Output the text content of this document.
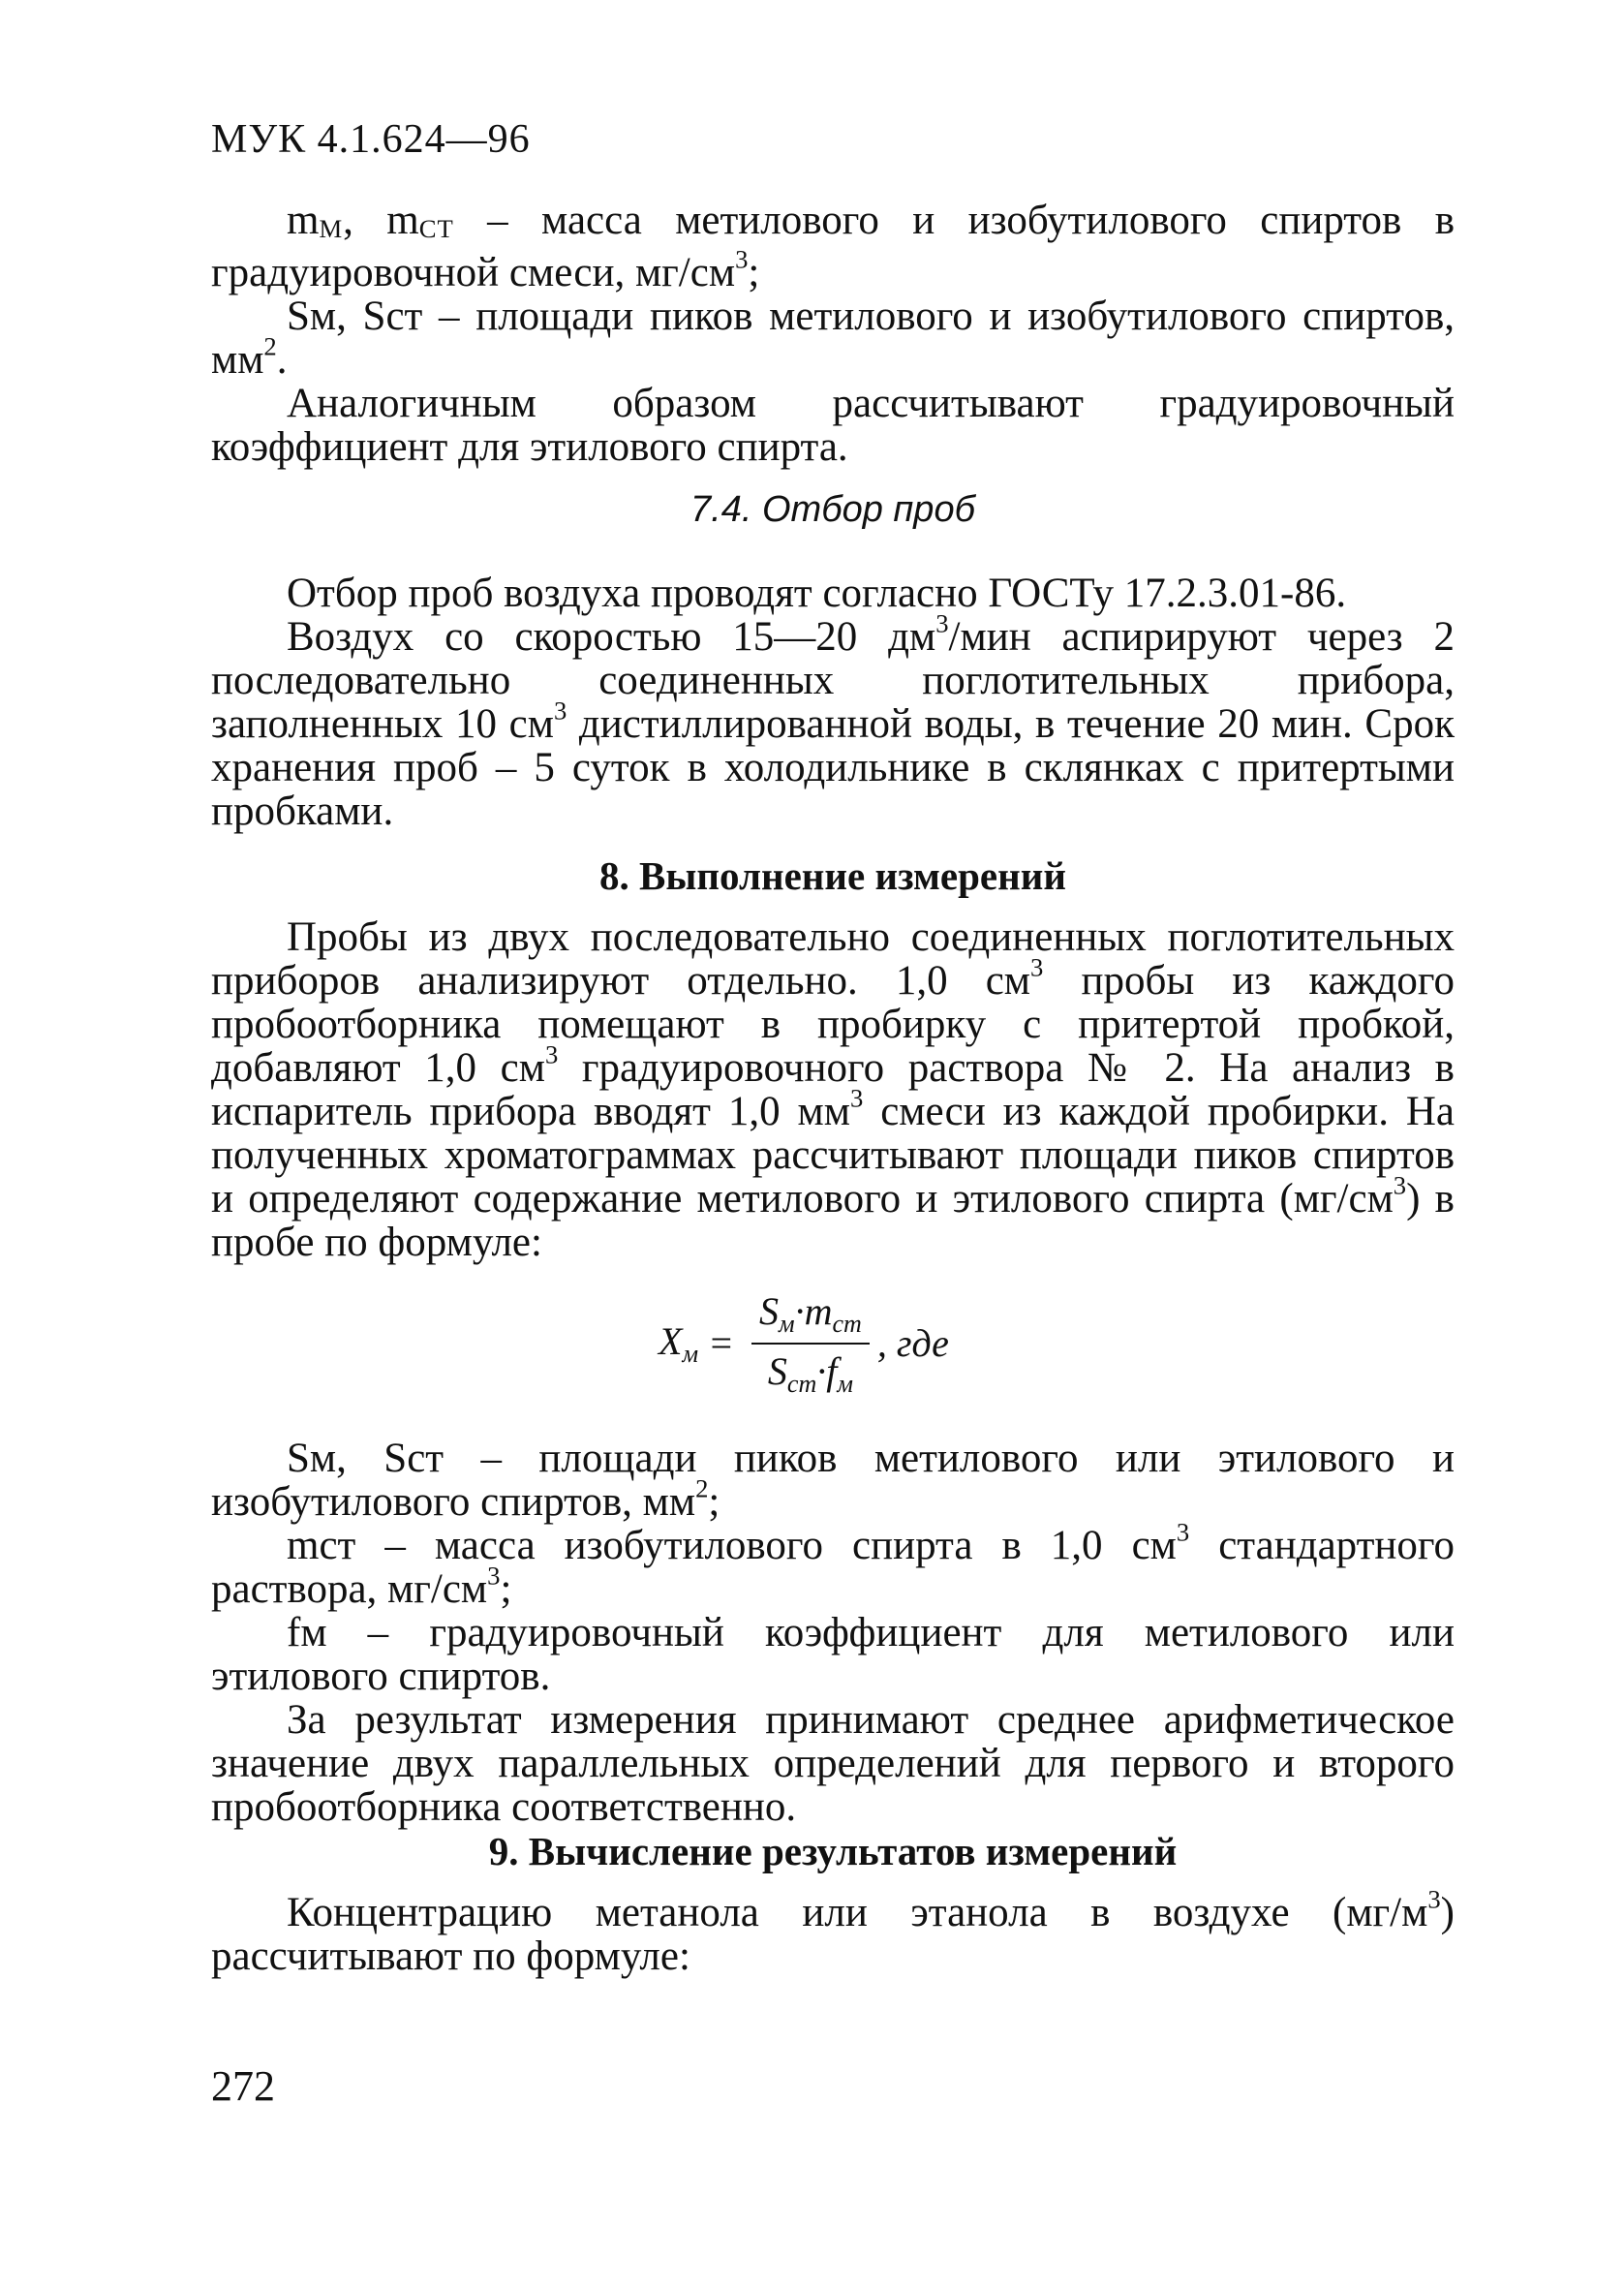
МУК 4.1.624—96

mМ, mСТ – масса метилового и изобутилового спиртов в градуировочной смеси, $мг/см^3$;

Sм, Sст – площади пиков метилового и изобутилового спиртов, $мм^2$.

Аналогичным образом рассчитывают градуировочный коэффициент для этилового спирта.

7.4. Отбор проб

Отбор проб воздуха проводят согласно ГОСТу 17.2.3.01-86.

Воздух со скоростью 15—20 $дм^3$/мин аспирируют через 2 последовательно соединенных поглотительных прибора, заполненных 10 $см^3$ дистиллированной воды, в течение 20 мин. Срок хранения проб – 5 суток в холодильнике в склянках с притертыми пробками.

8. Выполнение измерений

Пробы из двух последовательно соединенных поглотительных приборов анализируют отдельно. 1,0 $см^3$ пробы из каждого пробоотборника помещают в пробирку с притертой пробкой, добавляют 1,0 $см^3$ градуировочного раствора № 2. На анализ в испаритель прибора вводят 1,0 $мм^3$ смеси из каждой пробирки. На полученных хроматограммах рассчитывают площади пиков спиртов и определяют содержание метилового и этилового спирта $(мг/см^3)$ в пробе по формуле:

Xм = $\frac{\text{Sм·mcm}}{\text{Scm·fм}}$ , где

Sм, Sст – площади пиков метилового или этилового и изобутилового спиртов, $мм^2$;

mст – масса изобутилового спирта в 1,0 $см^3$ стандартного раствора, $мг/см^3$;

fм – градуировочный коэффициент для метилового или этилового спиртов.

За результат измерения принимают среднее арифметическое значение двух параллельных определений для первого и второго пробоотборника соответственно.

9. Вычисление результатов измерений

Концентрацию метанола или этанола в воздухе $(мг/м^3)$ рассчитывают по формуле:

272
